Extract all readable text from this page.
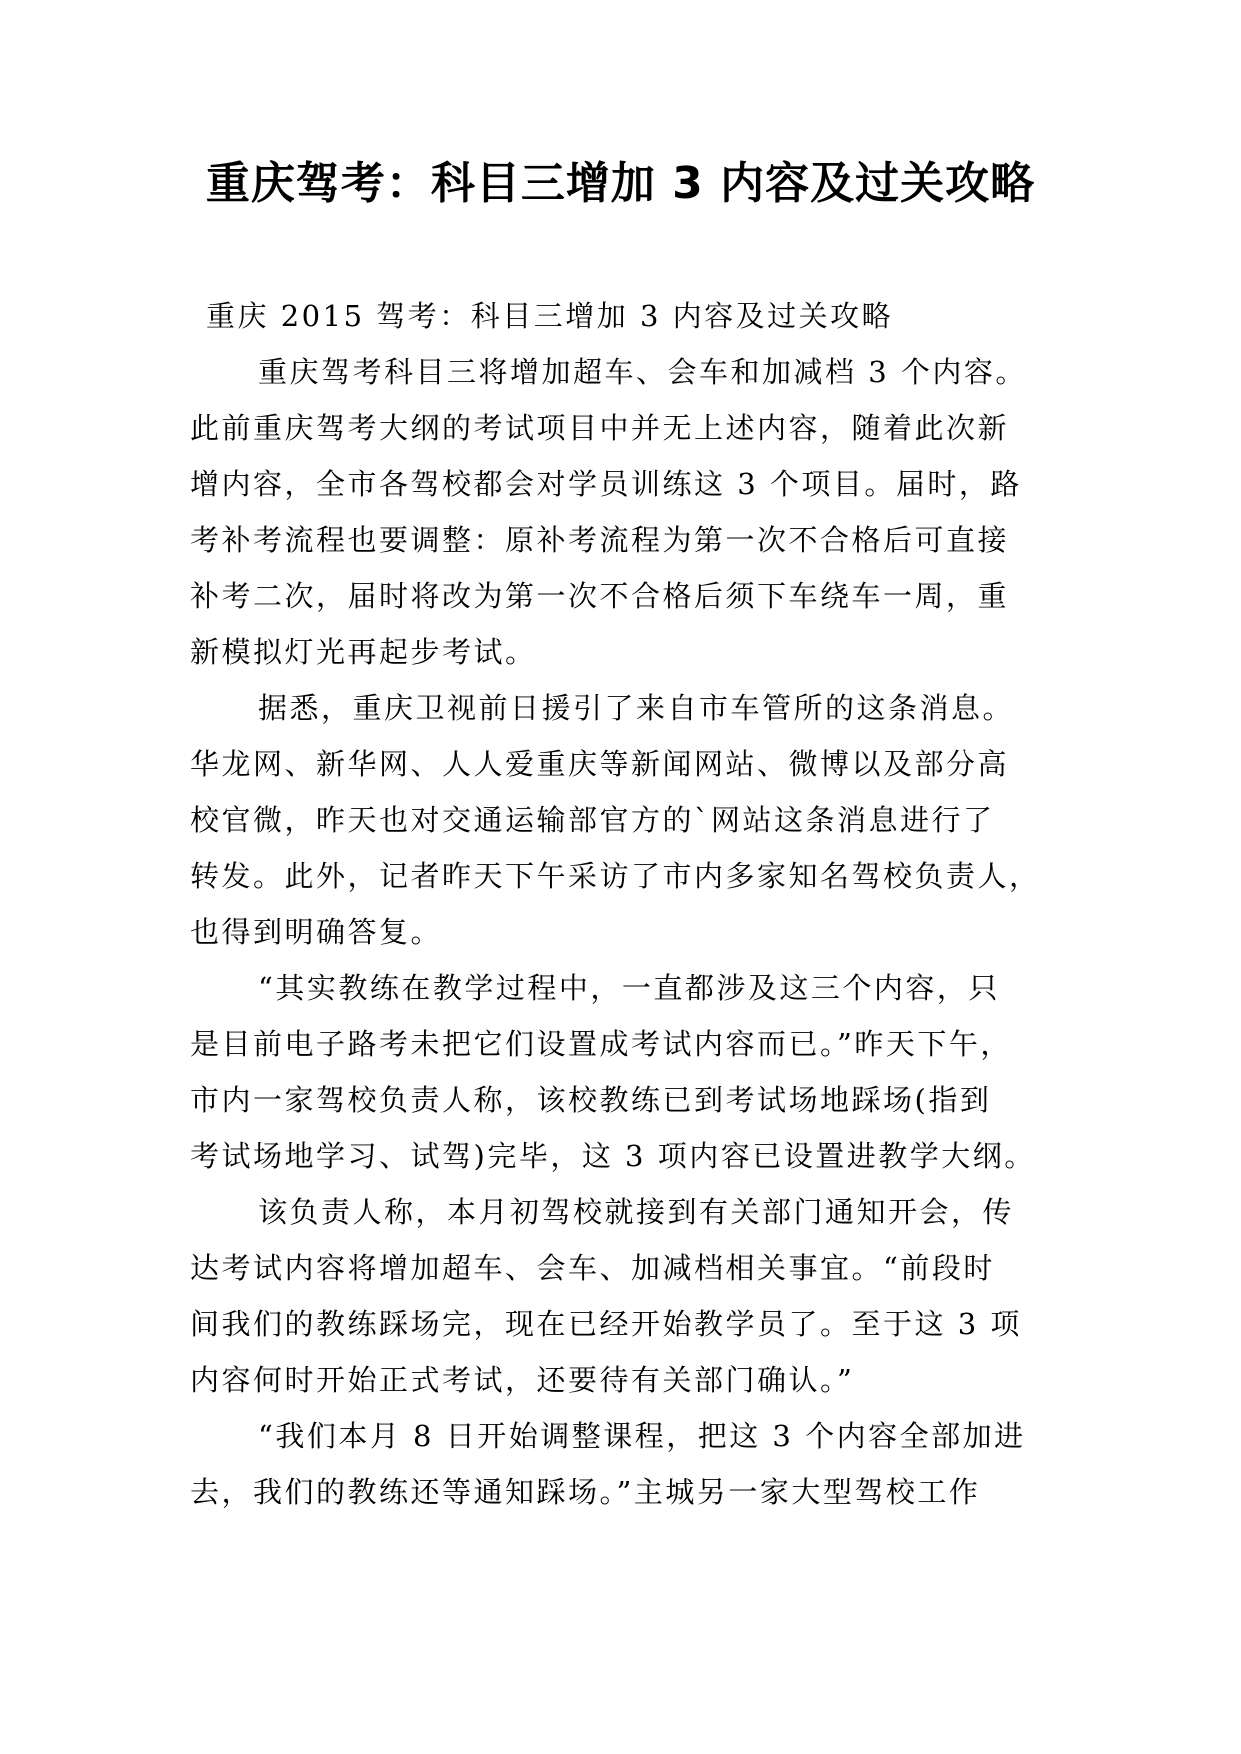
重庆驾考：科目三增加 3 内容及过关攻略
重庆 2015 驾考：科目三增加 3 内容及过关攻略
重庆驾考科目三将增加超车、会车和加减档 3 个内容。
此前重庆驾考大纲的考试项目中并无上述内容，随着此次新
增内容，全市各驾校都会对学员训练这 3 个项目。届时，路
考补考流程也要调整：原补考流程为第一次不合格后可直接
补考二次，届时将改为第一次不合格后须下车绕车一周，重
新模拟灯光再起步考试。
据悉，重庆卫视前日援引了来自市车管所的这条消息。
华龙网、新华网、人人爱重庆等新闻网站、微博以及部分高
校官微，昨天也对交通运输部官方的`网站这条消息进行了
转发。此外，记者昨天下午采访了市内多家知名驾校负责人，
也得到明确答复。
“其实教练在教学过程中，一直都涉及这三个内容，只
是目前电子路考未把它们设置成考试内容而已。”昨天下午，
市内一家驾校负责人称，该校教练已到考试场地踩场(指到
考试场地学习、试驾)完毕，这 3 项内容已设置进教学大纲。
该负责人称，本月初驾校就接到有关部门通知开会，传
达考试内容将增加超车、会车、加减档相关事宜。“前段时
间我们的教练踩场完，现在已经开始教学员了。至于这 3 项
内容何时开始正式考试，还要待有关部门确认。”
“我们本月 8 日开始调整课程，把这 3 个内容全部加进
去，我们的教练还等通知踩场。”主城另一家大型驾校工作
